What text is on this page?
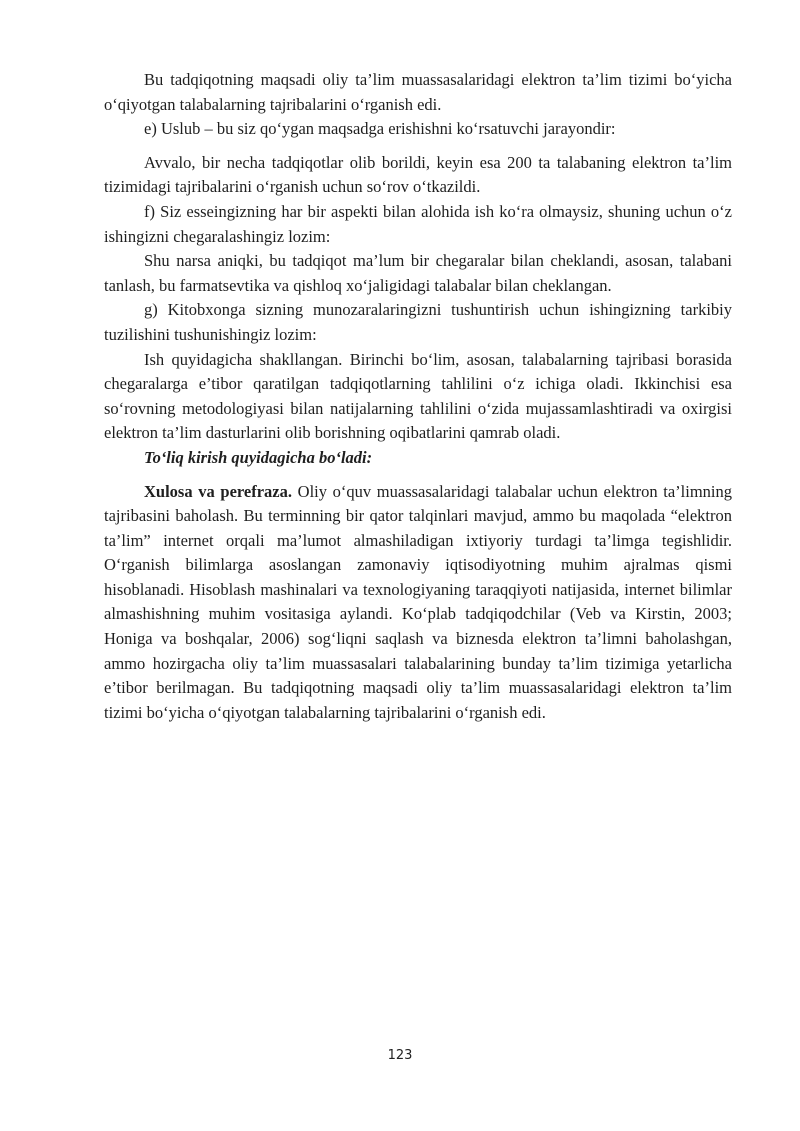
Bu tadqiqotning maqsadi oliy ta’lim muassasalaridagi elektron ta’lim tizimi bo‘yicha o‘qiyotgan talabalarning tajribalarini o‘rganish edi.

e) Uslub – bu siz qo‘ygan maqsadga erishishni ko‘rsatuvchi jarayondir:

Avvalo, bir necha tadqiqotlar olib borildi, keyin esa 200 ta talabaning elektron ta’lim tizimidagi tajribalarini o‘rganish uchun so‘rov o‘tkazildi.

f) Siz esseingizning har bir aspekti bilan alohida ish ko‘ra olmaysiz, shuning uchun o‘z ishingizni chegaralashingiz lozim:

Shu narsa aniqki, bu tadqiqot ma’lum bir chegaralar bilan cheklandi, asosan, talabani tanlash, bu farmatsevtika va qishloq xo‘jaligidagi talabalar bilan cheklangan.

g) Kitobxonga sizning munozaralaringizni tushuntirish uchun ishingizning tarkibiy tuzilishini tushunishingiz lozim:

Ish quyidagicha shakllangan. Birinchi bo‘lim, asosan, talabalarning tajribasi borasida chegaralarga e’tibor qaratilgan tadqiqotlarning tahlilini o‘z ichiga oladi. Ikkinchisi esa so‘rovning metodologiyasi bilan natijalarning tahlilini o‘zida mujassamlashtiradi va oxirgisi elektron ta’lim dasturlarini olib borishning oqibatlarini qamrab oladi.

To‘liq kirish quyidagicha bo‘ladi:

Xulosa va perefraza. Oliy o‘quv muassasalaridagi talabalar uchun elektron ta’limning tajribasini baholash. Bu terminning bir qator talqinlari mavjud, ammo bu maqolada “elektron ta’lim” internet orqali ma’lumot almashiladigan ixtiyoriy turdagi ta’limga tegishlidir. O‘rganish bilimlarga asoslangan zamonaviy iqtisodiyotning muhim ajralmas qismi hisoblanadi. Hisoblash mashinalari va texnologiyaning taraqqiyoti natijasida, internet bilimlar almashishning muhim vositasiga aylandi. Ko‘plab tadqiqodchilar (Veb va Kirstin, 2003; Honiga va boshqalar, 2006) sog‘liqni saqlash va biznesda elektron ta’limni baholashgan, ammo hozirgacha oliy ta’lim muassasalari talabalarining bunday ta’lim tizimiga yetarlicha e’tibor berilmagan. Bu tadqiqotning maqsadi oliy ta’lim muassasalaridagi elektron ta’lim tizimi bo‘yicha o‘qiyotgan talabalarning tajribalarini o‘rganish edi.

123
